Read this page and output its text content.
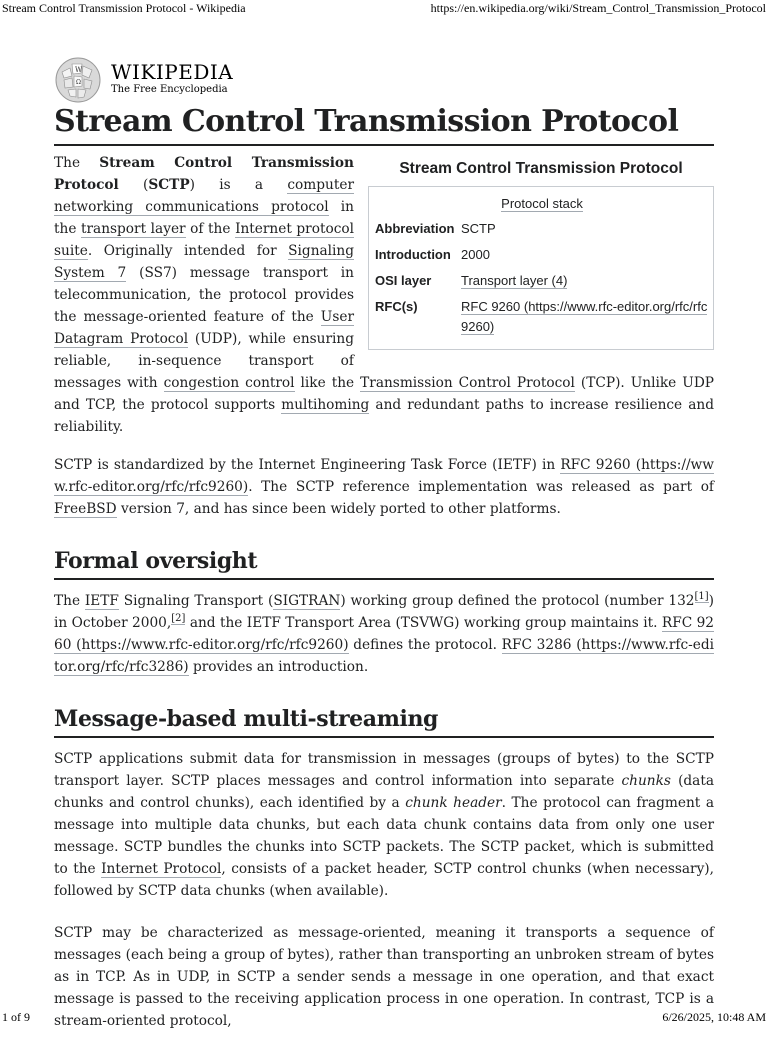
Stream Control Transmission Protocol - Wikipedia	https://en.wikipedia.org/wiki/Stream_Control_Transmission_Protocol
W
Ω WIKIPEDIA
The Free Encyclopedia
Stream Control Transmission Protocol
Stream Control Transmission Protocol
Protocol stack
Abbreviation SCTP
Introduction 2000
OSI layer	Transport layer (4)
RFC(s)	RFC 9260 (https://www.rfc-editor.org/rfc/rfc9260)

The Stream Control Transmission Protocol (SCTP) is a computer networking communications protocol in the transport layer of the Internet protocol suite. Originally intended for Signaling System 7 (SS7) message transport in telecommunication, the protocol provides the message-oriented feature of the User Datagram Protocol (UDP), while ensuring reliable, in-sequence transport of messages with congestion control like the Transmission Control Protocol (TCP). Unlike UDP and TCP, the protocol supports multihoming and redundant paths to increase resilience and reliability.

SCTP is standardized by the Internet Engineering Task Force (IETF) in RFC 9260 (https://www.rfc-editor.org/rfc/rfc9260). The SCTP reference implementation was released as part of FreeBSD version 7, and has since been widely ported to other platforms.

Formal oversight

The IETF Signaling Transport (SIGTRAN) working group defined the protocol (number 132[1]) in October 2000,[2] and the IETF Transport Area (TSVWG) working group maintains it. RFC 9260 (https://www.rfc-editor.org/rfc/rfc9260) defines the protocol. RFC 3286 (https://www.rfc-editor.org/rfc/rfc3286) provides an introduction.

Message-based multi-streaming

SCTP applications submit data for transmission in messages (groups of bytes) to the SCTP transport layer. SCTP places messages and control information into separate chunks (data chunks and control chunks), each identified by a chunk header. The protocol can fragment a message into multiple data chunks, but each data chunk contains data from only one user message. SCTP bundles the chunks into SCTP packets. The SCTP packet, which is submitted to the Internet Protocol, consists of a packet header, SCTP control chunks (when necessary), followed by SCTP data chunks (when available).

SCTP may be characterized as message-oriented, meaning it transports a sequence of messages (each being a group of bytes), rather than transporting an unbroken stream of bytes as in TCP. As in UDP, in SCTP a sender sends a message in one operation, and that exact message is passed to the receiving application process in one operation. In contrast, TCP is a stream-oriented protocol,

1 of 9	6/26/2025, 10:48 AM
